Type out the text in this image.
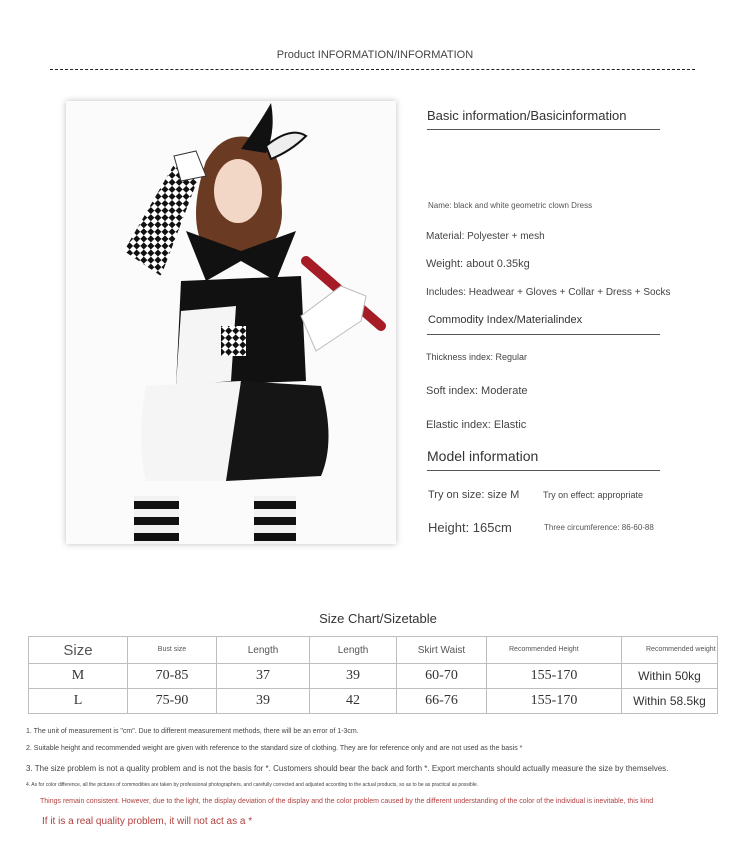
Product INFORMATION/INFORMATION
Basic information/Basicinformation
Name: black and white geometric clown Dress
Material: Polyester + mesh
Weight: about 0.35kg
Includes: Headwear + Gloves + Collar + Dress + Socks
Commodity Index/Materialindex
Thickness index: Regular
Soft index: Moderate
Elastic index: Elastic
Model information
Try on size: size M	Try on effect: appropriate
Height: 165cm	Three circumference: 86-60-88
Size Chart/Sizetable
Size	Bust size	Length	Length	Skirt Waist	Recommended Height	Recommended weight
M	70-85	37	39	60-70	155-170	Within 50kg
L	75-90	39	42	66-76	155-170	Within 58.5kg
1. The unit of measurement is "cm". Due to different measurement methods, there will be an error of 1-3cm.
2. Suitable height and recommended weight are given with reference to the standard size of clothing. They are for reference only and are not used as the basis *
3. The size problem is not a quality problem and is not the basis for *. Customers should bear the back and forth *. Export merchants should actually measure the size by themselves.
4. As for color difference, all the pictures of commodities are taken by professional photographers, and carefully corrected and adjusted according to the actual products, so as to be as practical as possible.
Things remain consistent. However, due to the light, the display deviation of the display and the color problem caused by the different understanding of the color of the individual is inevitable, this kind
If it is a real quality problem, it will not act as a *
